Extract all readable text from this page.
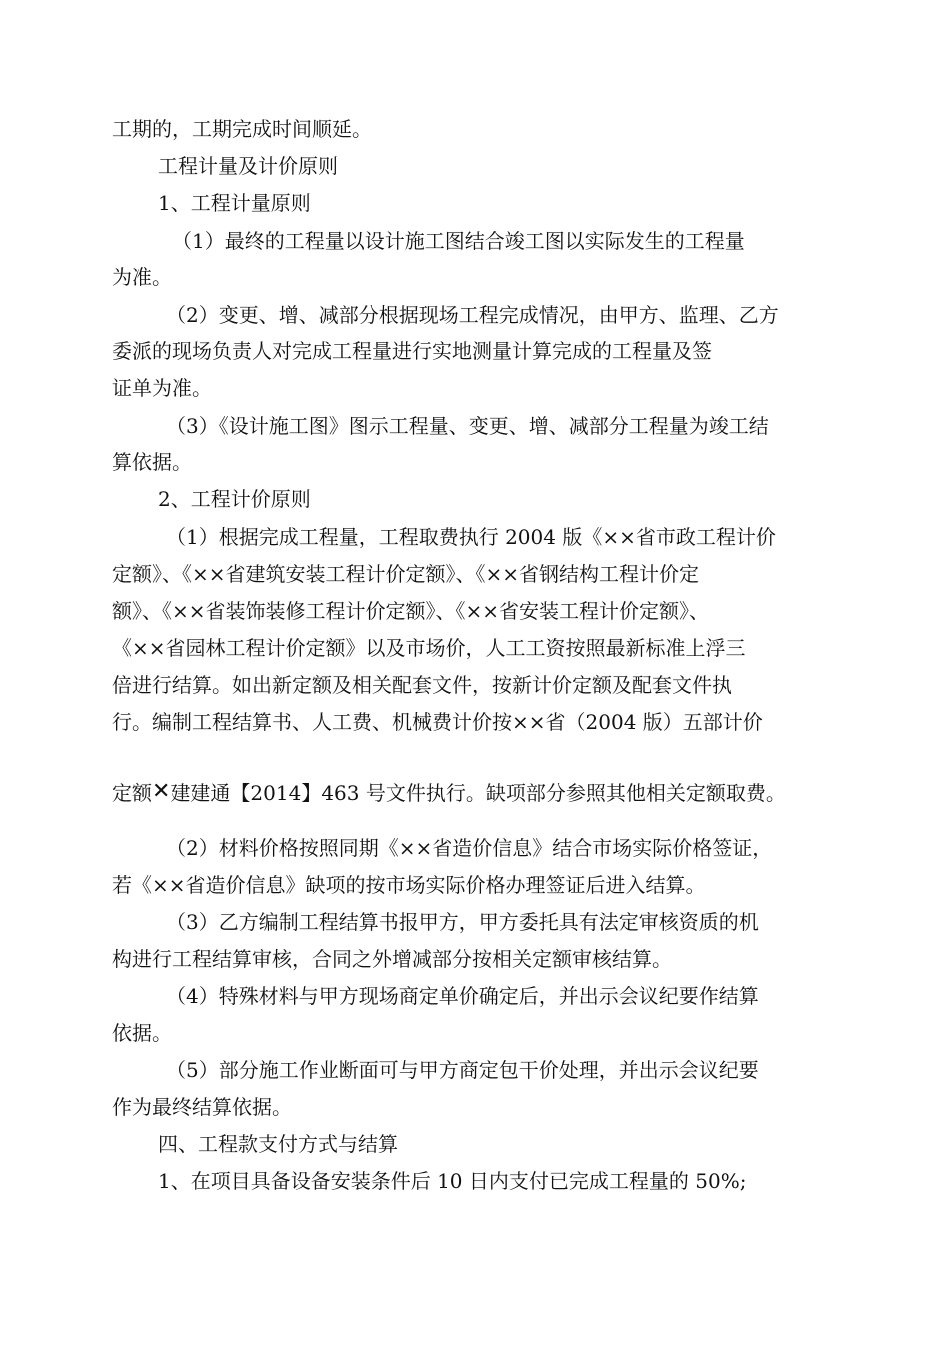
工期的，工期完成时间顺延。
工程计量及计价原则
1、工程计量原则
（1）最终的工程量以设计施工图结合竣工图以实际发生的工程量
为准。
（2）变更、增、减部分根据现场工程完成情况，由甲方、监理、乙方
委派的现场负责人对完成工程量进行实地测量计算完成的工程量及签
证单为准。
（3）《设计施工图》图示工程量、变更、增、减部分工程量为竣工结
算依据。
2、工程计价原则
（1）根据完成工程量，工程取费执行 2004 版《××省市政工程计价
定额》、《××省建筑安装工程计价定额》、《××省钢结构工程计价定
额》、《××省装饰装修工程计价定额》、《××省安装工程计价定额》、
《××省园林工程计价定额》以及市场价，人工工资按照最新标准上浮三
倍进行结算。如出新定额及相关配套文件，按新计价定额及配套文件执
行。编制工程结算书、人工费、机械费计价按××省（2004 版）五部计价
定额✕建建通【2014】463 号文件执行。缺项部分参照其他相关定额取费。
（2）材料价格按照同期《××省造价信息》结合市场实际价格签证，
若《××省造价信息》缺项的按市场实际价格办理签证后进入结算。
（3）乙方编制工程结算书报甲方，甲方委托具有法定审核资质的机
构进行工程结算审核，合同之外增减部分按相关定额审核结算。
（4）特殊材料与甲方现场商定单价确定后，并出示会议纪要作结算
依据。
（5）部分施工作业断面可与甲方商定包干价处理，并出示会议纪要
作为最终结算依据。
四、工程款支付方式与结算
1、在项目具备设备安装条件后 10 日内支付已完成工程量的 50%;
